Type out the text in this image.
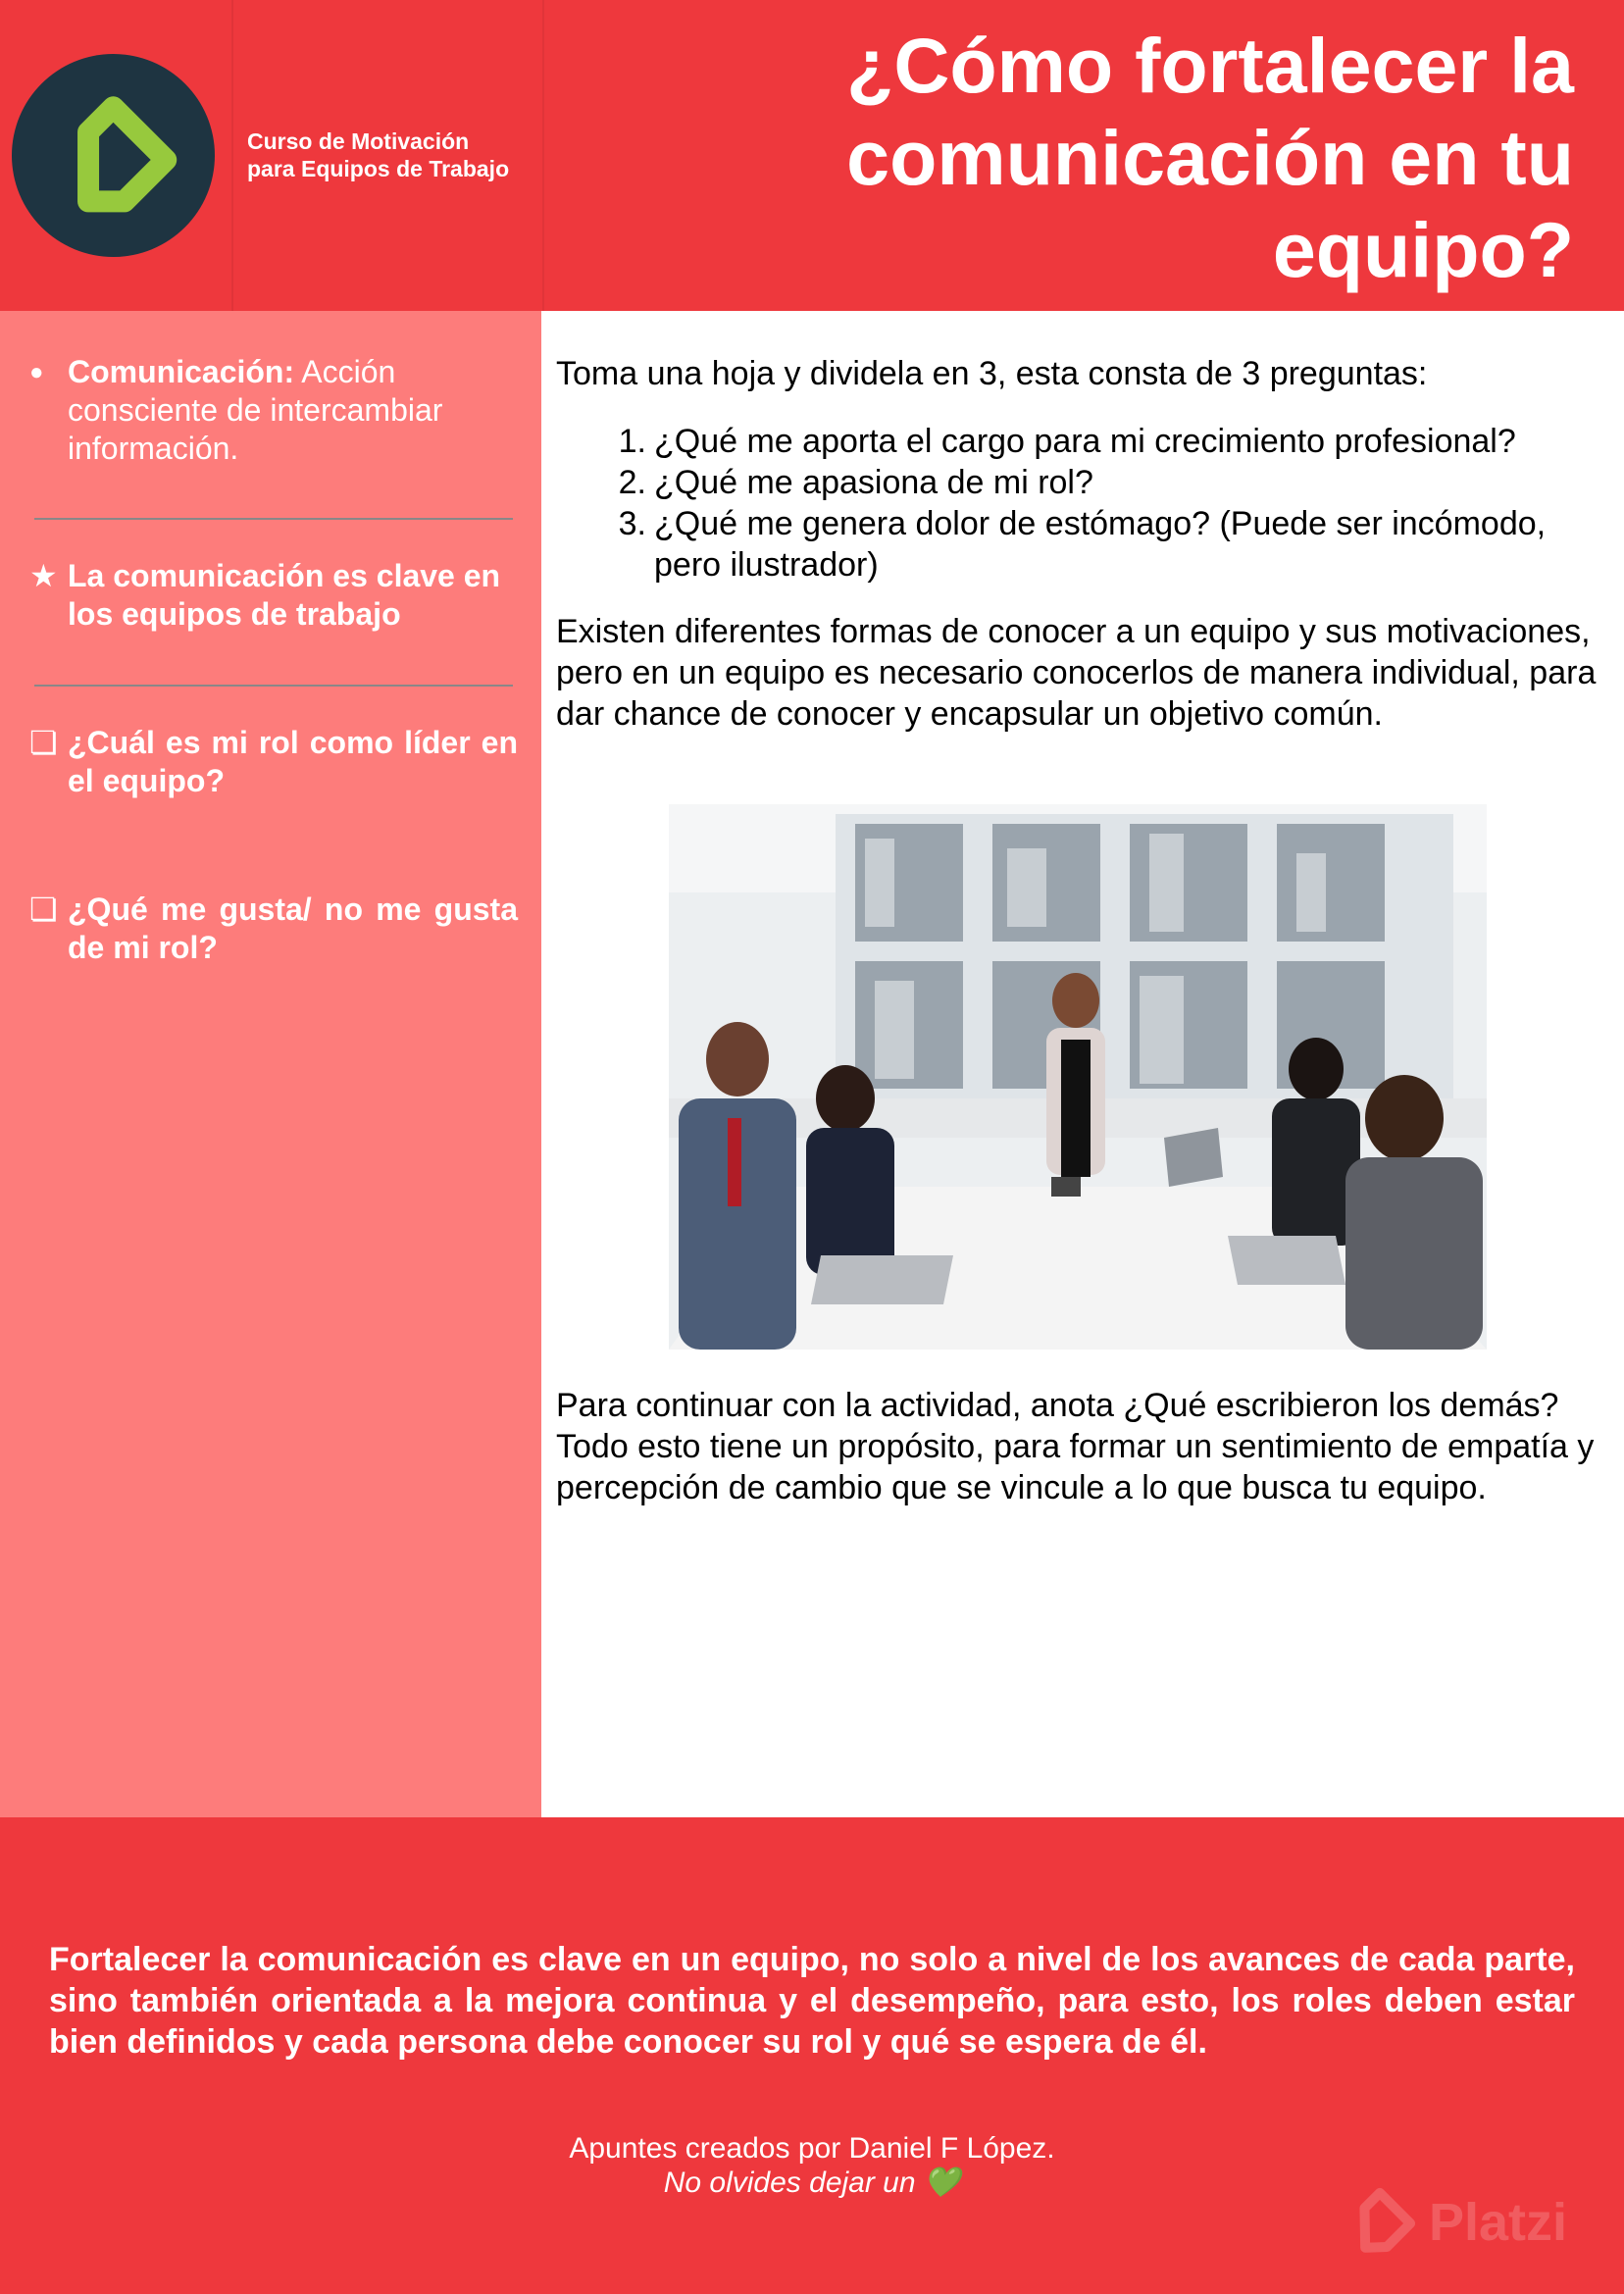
Curso de Motivación
para Equipos de Trabajo
¿Cómo fortalecer la
comunicación en tu
equipo?
● Comunicación: Acción consciente de intercambiar información.
★ La comunicación es clave en los equipos de trabajo
❏ ¿Cuál es mi rol como líder en el equipo?
❏ ¿Qué me gusta/ no me gusta de mi rol?
Toma una hoja y dividela en 3, esta consta de 3 preguntas:
1. ¿Qué me aporta el cargo para mi crecimiento profesional?
2. ¿Qué me apasiona de mi rol?
3. ¿Qué me genera dolor de estómago? (Puede ser incómodo, pero ilustrador)
Existen diferentes formas de conocer a un equipo y sus motivaciones, pero en un equipo es necesario conocerlos de manera individual, para dar chance de conocer y encapsular un objetivo común.
Para continuar con la actividad, anota ¿Qué escribieron los demás? Todo esto tiene un propósito, para formar un sentimiento de empatía y percepción de cambio que se vincule a lo que busca tu equipo.
Fortalecer la comunicación es clave en un equipo, no solo a nivel de los avances de cada parte, sino también orientada a la mejora continua y el desempeño, para esto, los roles deben estar bien definidos y cada persona debe conocer su rol y qué se espera de él.
Apuntes creados por Daniel F López.
No olvides dejar un 💚
Platzi
